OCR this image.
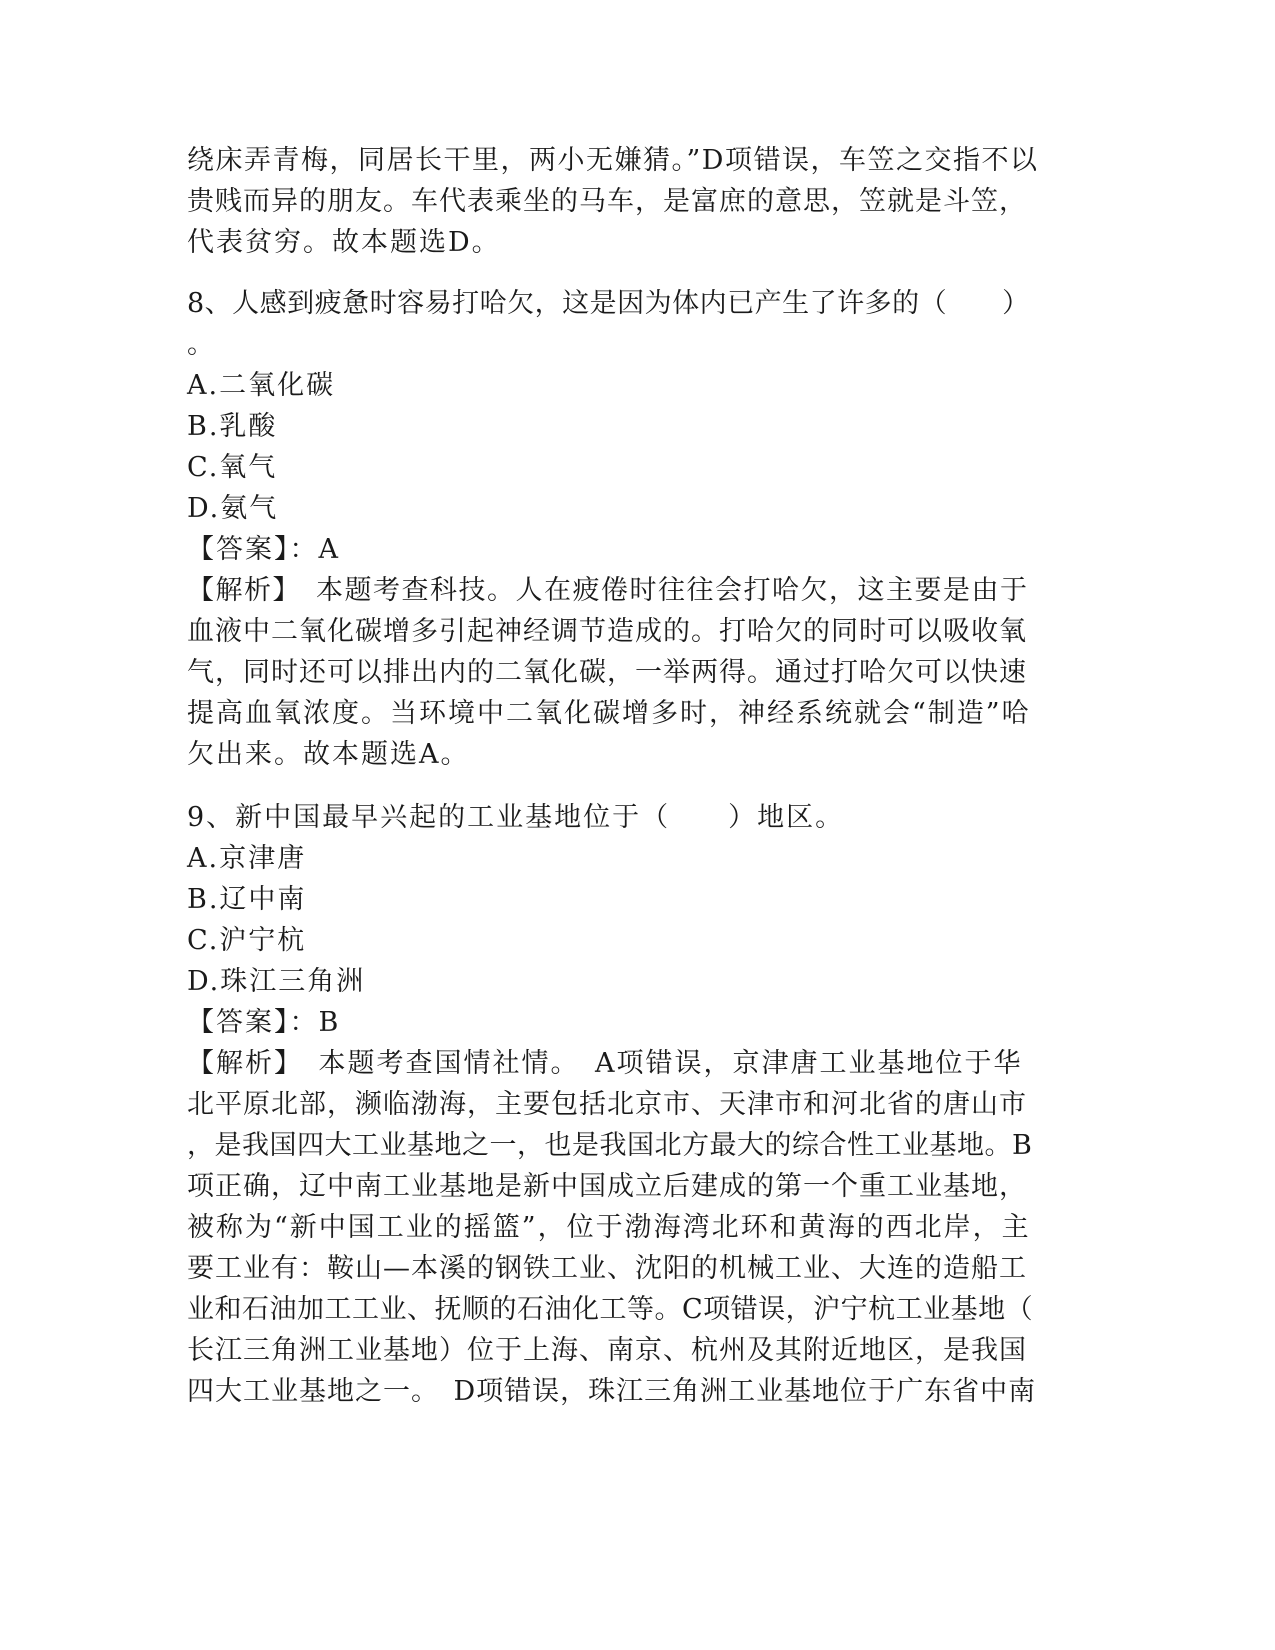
绕床弄青梅，同居长干里，两小无嫌猜。”D项错误，车笠之交指不以
贵贱而异的朋友。车代表乘坐的马车，是富庶的意思，笠就是斗笠，
代表贫穷。故本题选D。
8、人感到疲惫时容易打哈欠，这是因为体内已产生了许多的（　　）
。
A.二氧化碳
B.乳酸
C.氧气
D.氨气
【答案】：A
【解析】　本题考查科技。人在疲倦时往往会打哈欠，这主要是由于
血液中二氧化碳增多引起神经调节造成的。打哈欠的同时可以吸收氧
气，同时还可以排出内的二氧化碳，一举两得。通过打哈欠可以快速
提高血氧浓度。当环境中二氧化碳增多时，神经系统就会“制造”哈
欠出来。故本题选A。
9、新中国最早兴起的工业基地位于（　　）地区。
A.京津唐
B.辽中南
C.沪宁杭
D.珠江三角洲
【答案】：B
【解析】　本题考查国情社情。　A项错误，京津唐工业基地位于华
北平原北部，濒临渤海，主要包括北京市、天津市和河北省的唐山市
，是我国四大工业基地之一，也是我国北方最大的综合性工业基地。B
项正确，辽中南工业基地是新中国成立后建成的第一个重工业基地，
被称为“新中国工业的摇篮”，位于渤海湾北环和黄海的西北岸，主
要工业有：鞍山—本溪的钢铁工业、沈阳的机械工业、大连的造船工
业和石油加工工业、抚顺的石油化工等。C项错误，沪宁杭工业基地（
长江三角洲工业基地）位于上海、南京、杭州及其附近地区，是我国
四大工业基地之一。　D项错误，珠江三角洲工业基地位于广东省中南
